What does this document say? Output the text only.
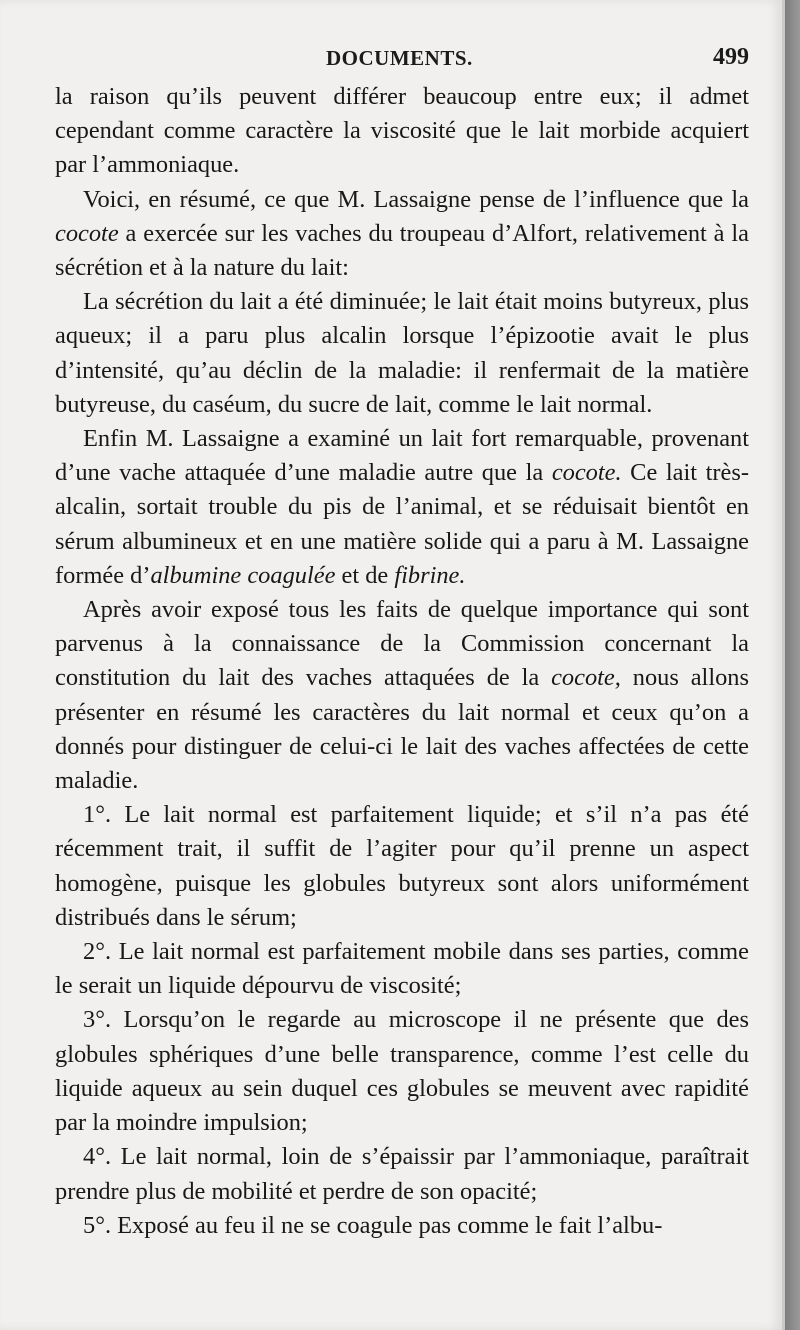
DOCUMENTS.	499

la raison qu’ils peuvent différer beaucoup entre eux; il admet cependant comme caractère la viscosité que le lait morbide acquiert par l’ammoniaque.

Voici, en résumé, ce que M. Lassaigne pense de l’influence que la cocote a exercée sur les vaches du troupeau d’Alfort, relativement à la sécrétion et à la nature du lait:

La sécrétion du lait a été diminuée; le lait était moins butyreux, plus aqueux; il a paru plus alcalin lorsque l’épizootie avait le plus d’intensité, qu’au déclin de la maladie: il renfermait de la matière butyreuse, du caséum, du sucre de lait, comme le lait normal.

Enfin M. Lassaigne a examiné un lait fort remarquable, provenant d’une vache attaquée d’une maladie autre que la cocote. Ce lait très-alcalin, sortait trouble du pis de l’animal, et se réduisait bientôt en sérum albumineux et en une matière solide qui a paru à M. Lassaigne formée d’albumine coagulée et de fibrine.

Après avoir exposé tous les faits de quelque importance qui sont parvenus à la connaissance de la Commission concernant la constitution du lait des vaches attaquées de la cocote, nous allons présenter en résumé les caractères du lait normal et ceux qu’on a donnés pour distinguer de celui-ci le lait des vaches affectées de cette maladie.

1°. Le lait normal est parfaitement liquide; et s’il n’a pas été récemment trait, il suffit de l’agiter pour qu’il prenne un aspect homogène, puisque les globules butyreux sont alors uniformément distribués dans le sérum;

2°. Le lait normal est parfaitement mobile dans ses parties, comme le serait un liquide dépourvu de viscosité;

3°. Lorsqu’on le regarde au microscope il ne présente que des globules sphériques d’une belle transparence, comme l’est celle du liquide aqueux au sein duquel ces globules se meuvent avec rapidité par la moindre impulsion;

4°. Le lait normal, loin de s’épaissir par l’ammoniaque, paraîtrait prendre plus de mobilité et perdre de son opacité;

5°. Exposé au feu il ne se coagule pas comme le fait l’albu-
